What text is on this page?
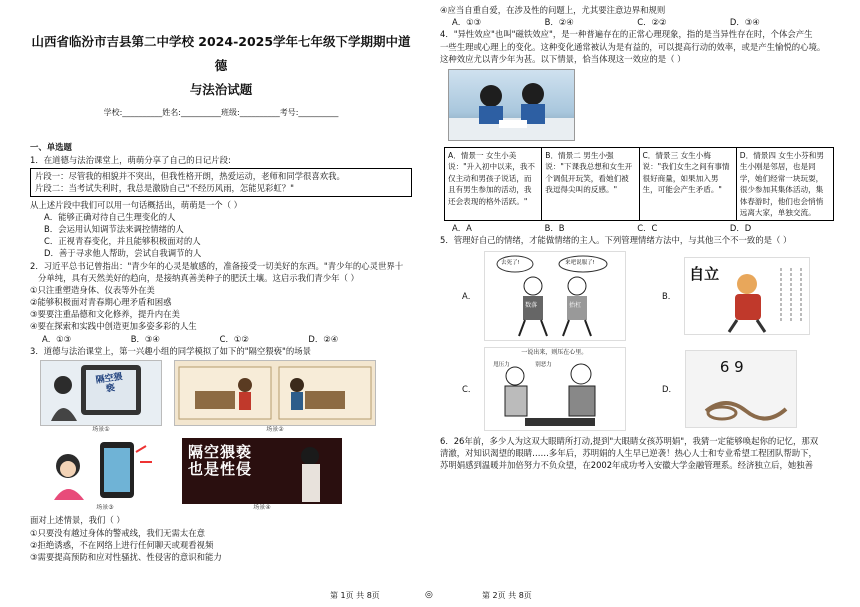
山西省临汾市吉县第二中学校 2024-2025学年七年级下学期期中道德
与法治试题
学校:__________姓名:__________班级:__________考号:__________
一、单选题
1．在道德与法治课堂上，萌萌分享了自己的日记片段:
片段一：尽管我的相貌并不突出，但我性格开朗，热爱运动，老师和同学很喜欢我。
片段二：当考试失利时，我总是激励自己"不经历风雨，怎能见彩虹？"
从上述片段中我们可以用一句话概括出，萌萌是一个（ ）
A．能够正确对待自己生理变化的人
B．会运用认知调节法来调控情绪的人
C．正视青春变化，并且能够积极面对的人
D．善于寻求他人帮助，尝试自我调节的人
2．习近平总书记曾指出："青少年的心灵是敏感的，准备接受一切美好的东西。"青少年的心灵世界十
分单纯，具有天然美好的趋向，是接纳真善美种子的肥沃土壤。这启示我们青少年（ ）
①只注重塑造身体、仪表等外在美
②能够积极面对青春期心理矛盾和困惑
③要要注重品德和文化修养，提升内在美
④要在探索和实践中创造更加多姿多彩的人生
A．①③	B．③④	C．①②	D．②④
3．道德与法治课堂上，第一兴趣小组的同学模拟了如下的"隔空猥亵"的场景
隔空猥亵
场景①	场景②
场景③
隔空猥亵
也是性侵
场景④
面对上述情景，我们（ ）
①只要没有越过身体的警戒线，我们无需太在意
②拒绝诱惑，不在网络上进行任何聊天或观看视频
③需要提高预防和应对性骚扰、性侵害的意识和能力
第 1页 共 8页	◎
④应当自重自爱，在涉及性的问题上，尤其要注意边界和规则
A．①③	B．②④	C．②②	D．③④
4．"异性效应"也叫"磁铁效应"，是一种普遍存在的正常心理现象，指的是当异性存在时，个体会产生
一些生理或心理上的变化。这种变化通常被认为是有益的，可以提高行动的效率，或是产生愉悦的心境。
这种效应尤以青少年为甚。以下情景，恰当体现这一效应的是（ ）
A．情景一 女生小美说："升入初中以来，我不仅主动和男孩子说话，而且有男生参加的活动，我还会表现的格外活跃。"	B．情景二 男生小强说："下课我总想和女生开个调侃开玩笑，看她们被我逗得尖叫的反感。"	C．情景三 女生小梅说："我们女生之间有事情很好商量，如果加入男生，可能会产生矛盾。"	D．情景四 女生小芬和男生小刚是邻居，也是同学，她们经常一块玩耍，很少参加其集体活动，集体春游时，他们也会悄悄远离大家，单独交流。
A．A	B．B	C．C	D．D
5．管理好自己的情绪，才能做情绪的主人。下列管理情绪方法中，与其他三个不一致的是（ ）
A．
去死了!	来吧说服了!
数落	抬杠
B．
自立
C．
一说出来，则压在心里。
甩压力	别恶力
D．
6 9
6．26年前，多少人为这双大眼睛所打动,提到"大眼睛女孩苏明娟"，我猜一定能够唤起你的记忆，那双
清澈，对知识渴望的眼睛……多年后，苏明娟的人生早已逆袭！热心人士和专业希望工程团队帮助下，
苏明娟感到温暖并加倍努力不负众望，在2002年成功考入安徽大学金融管理系。经济独立后，她独善
第 2页 共 8页
